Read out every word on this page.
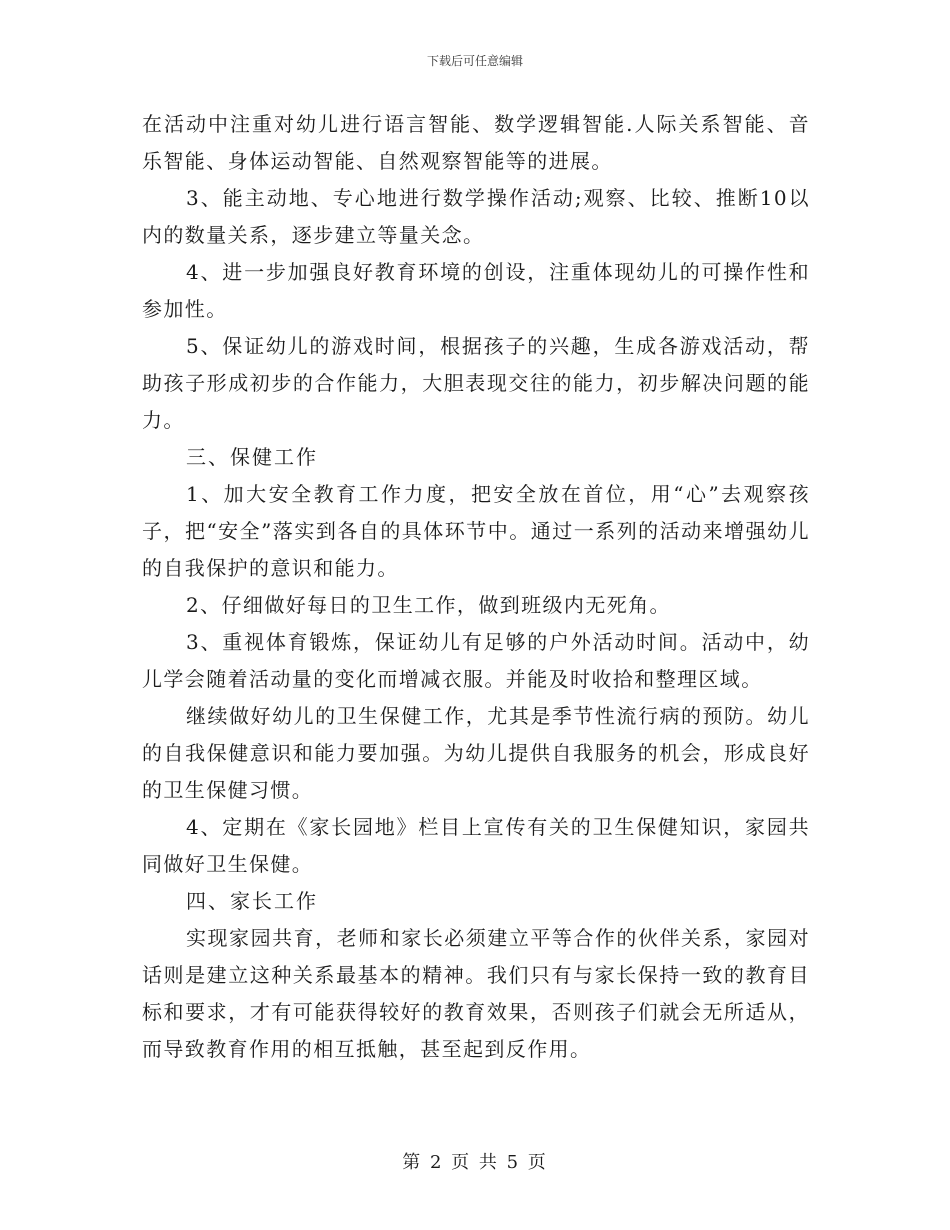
下载后可任意编辑

在活动中注重对幼儿进行语言智能、数学逻辑智能.人际关系智能、音乐智能、身体运动智能、自然观察智能等的进展。

3、能主动地、专心地进行数学操作活动;观察、比较、推断10以内的数量关系，逐步建立等量关念。

4、进一步加强良好教育环境的创设，注重体现幼儿的可操作性和参加性。

5、保证幼儿的游戏时间，根据孩子的兴趣，生成各游戏活动，帮助孩子形成初步的合作能力，大胆表现交往的能力，初步解决问题的能力。

三、保健工作

1、加大安全教育工作力度，把安全放在首位，用“心”去观察孩子，把“安全”落实到各自的具体环节中。通过一系列的活动来增强幼儿的自我保护的意识和能力。

2、仔细做好每日的卫生工作，做到班级内无死角。

3、重视体育锻炼，保证幼儿有足够的户外活动时间。活动中，幼儿学会随着活动量的变化而增减衣服。并能及时收拾和整理区域。

继续做好幼儿的卫生保健工作，尤其是季节性流行病的预防。幼儿的自我保健意识和能力要加强。为幼儿提供自我服务的机会，形成良好的卫生保健习惯。

4、定期在《家长园地》栏目上宣传有关的卫生保健知识，家园共同做好卫生保健。

四、家长工作

实现家园共育，老师和家长必须建立平等合作的伙伴关系，家园对话则是建立这种关系最基本的精神。我们只有与家长保持一致的教育目标和要求，才有可能获得较好的教育效果，否则孩子们就会无所适从，而导致教育作用的相互抵触，甚至起到反作用。

第 2 页 共 5 页
